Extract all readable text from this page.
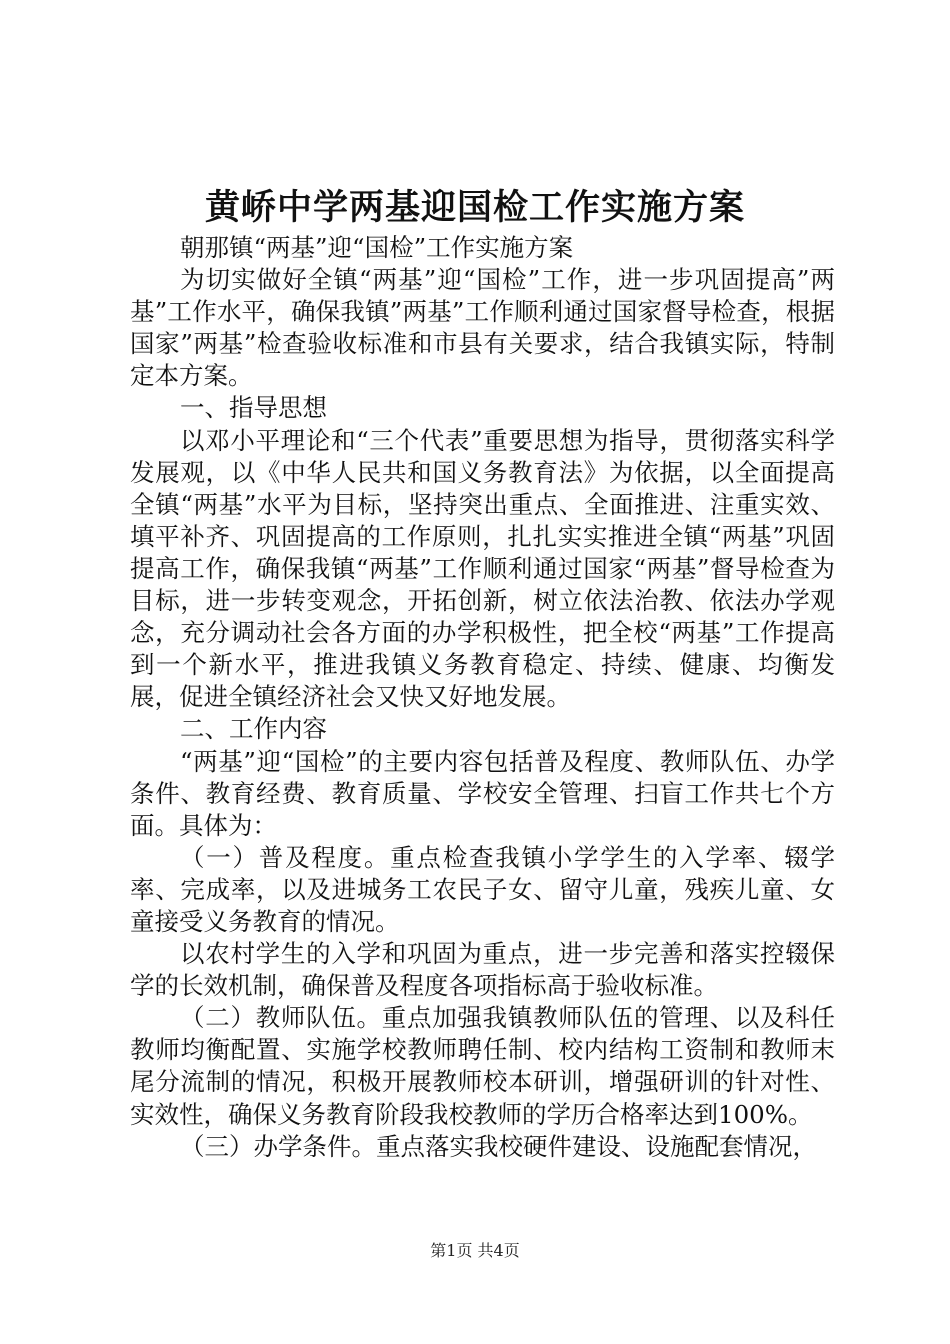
黄峤中学两基迎国检工作实施方案

朝那镇“两基”迎“国检”工作实施方案

为切实做好全镇“两基”迎“国检”工作，进一步巩固提高”两基”工作水平，确保我镇”两基”工作顺利通过国家督导检查，根据国家”两基”检查验收标准和市县有关要求，结合我镇实际，特制定本方案。

一、指导思想

以邓小平理论和“三个代表”重要思想为指导，贯彻落实科学发展观，以《中华人民共和国义务教育法》为依据，以全面提高全镇“两基”水平为目标，坚持突出重点、全面推进、注重实效、填平补齐、巩固提高的工作原则，扎扎实实推进全镇“两基”巩固提高工作，确保我镇“两基”工作顺利通过国家“两基”督导检查为目标，进一步转变观念，开拓创新，树立依法治教、依法办学观念，充分调动社会各方面的办学积极性，把全校“两基”工作提高到一个新水平，推进我镇义务教育稳定、持续、健康、均衡发展，促进全镇经济社会又快又好地发展。

二、工作内容

“两基”迎“国检”的主要内容包括普及程度、教师队伍、办学条件、教育经费、教育质量、学校安全管理、扫盲工作共七个方面。具体为：

（一）普及程度。重点检查我镇小学学生的入学率、辍学率、完成率，以及进城务工农民子女、留守儿童，残疾儿童、女童接受义务教育的情况。

以农村学生的入学和巩固为重点，进一步完善和落实控辍保学的长效机制，确保普及程度各项指标高于验收标准。

（二）教师队伍。重点加强我镇教师队伍的管理、以及科任教师均衡配置、实施学校教师聘任制、校内结构工资制和教师末尾分流制的情况，积极开展教师校本研训，增强研训的针对性、实效性，确保义务教育阶段我校教师的学历合格率达到100%。

（三）办学条件。重点落实我校硬件建设、设施配套情况，

第1页 共4页
